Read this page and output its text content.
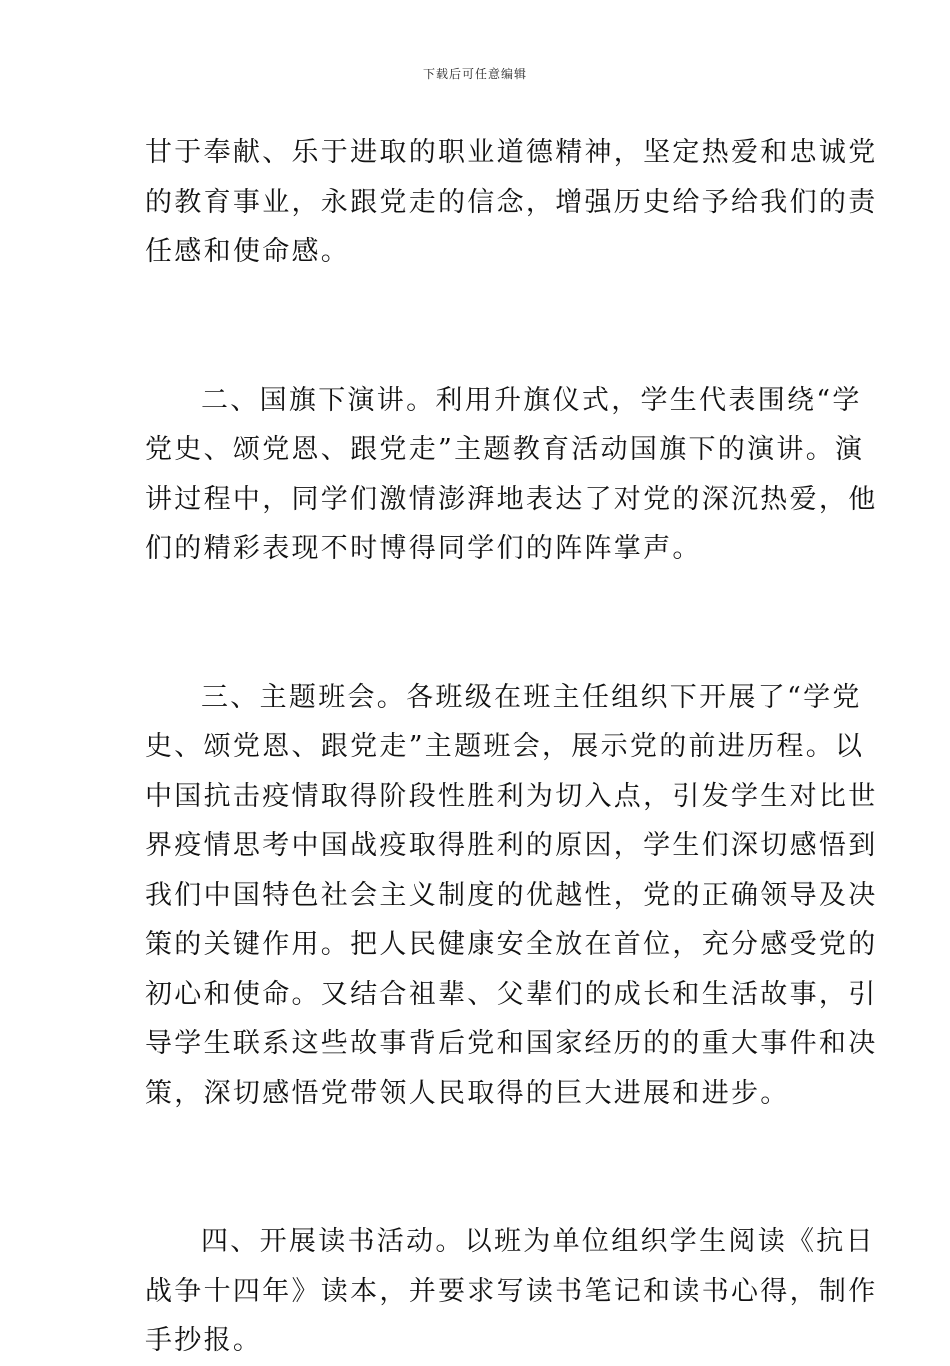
下载后可任意编辑
甘于奉献、乐于进取的职业道德精神，坚定热爱和忠诚党
的教育事业，永跟党走的信念，增强历史给予给我们的责
任感和使命感。
二、国旗下演讲。利用升旗仪式，学生代表围绕“学
党史、颂党恩、跟党走”主题教育活动国旗下的演讲。演
讲过程中，同学们激情澎湃地表达了对党的深沉热爱，他
们的精彩表现不时博得同学们的阵阵掌声。
三、主题班会。各班级在班主任组织下开展了“学党
史、颂党恩、跟党走”主题班会，展示党的前进历程。以
中国抗击疫情取得阶段性胜利为切入点，引发学生对比世
界疫情思考中国战疫取得胜利的原因，学生们深切感悟到
我们中国特色社会主义制度的优越性，党的正确领导及决
策的关键作用。把人民健康安全放在首位，充分感受党的
初心和使命。又结合祖辈、父辈们的成长和生活故事，引
导学生联系这些故事背后党和国家经历的的重大事件和决
策，深切感悟党带领人民取得的巨大进展和进步。
四、开展读书活动。以班为单位组织学生阅读《抗日
战争十四年》读本，并要求写读书笔记和读书心得，制作
手抄报。
